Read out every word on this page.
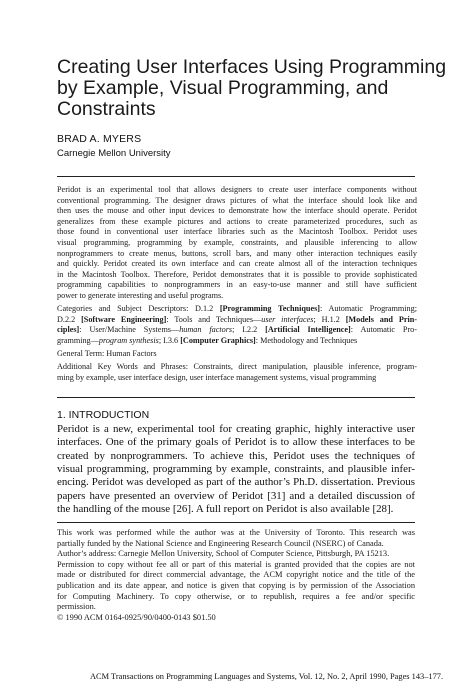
Creating User Interfaces Using Programming
by Example, Visual Programming, and
Constraints
BRAD A. MYERS
Carnegie Mellon University
Peridot is an experimental tool that allows designers to create user interface components without
conventional programming. The designer draws pictures of what the interface should look like and
then uses the mouse and other input devices to demonstrate how the interface should operate. Peridot
generalizes from these example pictures and actions to create parameterized procedures, such as
those found in conventional user interface libraries such as the Macintosh Toolbox. Peridot uses
visual programming, programming by example, constraints, and plausible inferencing to allow
nonprogrammers to create menus, buttons, scroll bars, and many other interaction techniques easily
and quickly. Peridot created its own interface and can create almost all of the interaction techniques
in the Macintosh Toolbox. Therefore, Peridot demonstrates that it is possible to provide sophisticated
programming capabilities to nonprogrammers in an easy-to-use manner and still have sufficient
power to generate interesting and useful programs.
Categories and Subject Descriptors: D.1.2 [Programming Techniques]: Automatic Programming;
D.2.2 [Software Engineering]: Tools and Techniques—user interfaces; H.1.2 [Models and Prin-
ciples]: User/Machine Systems—human factors; I.2.2 [Artificial Intelligence]: Automatic Pro-
gramming—program synthesis; I.3.6 [Computer Graphics]: Methodology and Techniques
General Term: Human Factors
Additional Key Words and Phrases: Constraints, direct manipulation, plausible inference, program-
ming by example, user interface design, user interface management systems, visual programming
1. INTRODUCTION
Peridot is a new, experimental tool for creating graphic, highly interactive user
interfaces. One of the primary goals of Peridot is to allow these interfaces to be
created by nonprogrammers. To achieve this, Peridot uses the techniques of
visual programming, programming by example, constraints, and plausible infer-
encing. Peridot was developed as part of the author’s Ph.D. dissertation. Previous
papers have presented an overview of Peridot [31] and a detailed discussion of
the handling of the mouse [26]. A full report on Peridot is also available [28].
This work was performed while the author was at the University of Toronto. This research was
partially funded by the National Science and Engineering Research Council (NSERC) of Canada.
Author’s address: Carnegie Mellon University, School of Computer Science, Pittsburgh, PA 15213.
Permission to copy without fee all or part of this material is granted provided that the copies are not
made or distributed for direct commercial advantage, the ACM copyright notice and the title of the
publication and its date appear, and notice is given that copying is by permission of the Association
for Computing Machinery. To copy otherwise, or to republish, requires a fee and/or specific
permission.
© 1990 ACM 0164-0925/90/0400-0143 $01.50
ACM Transactions on Programming Languages and Systems, Vol. 12, No. 2, April 1990, Pages 143–177.
